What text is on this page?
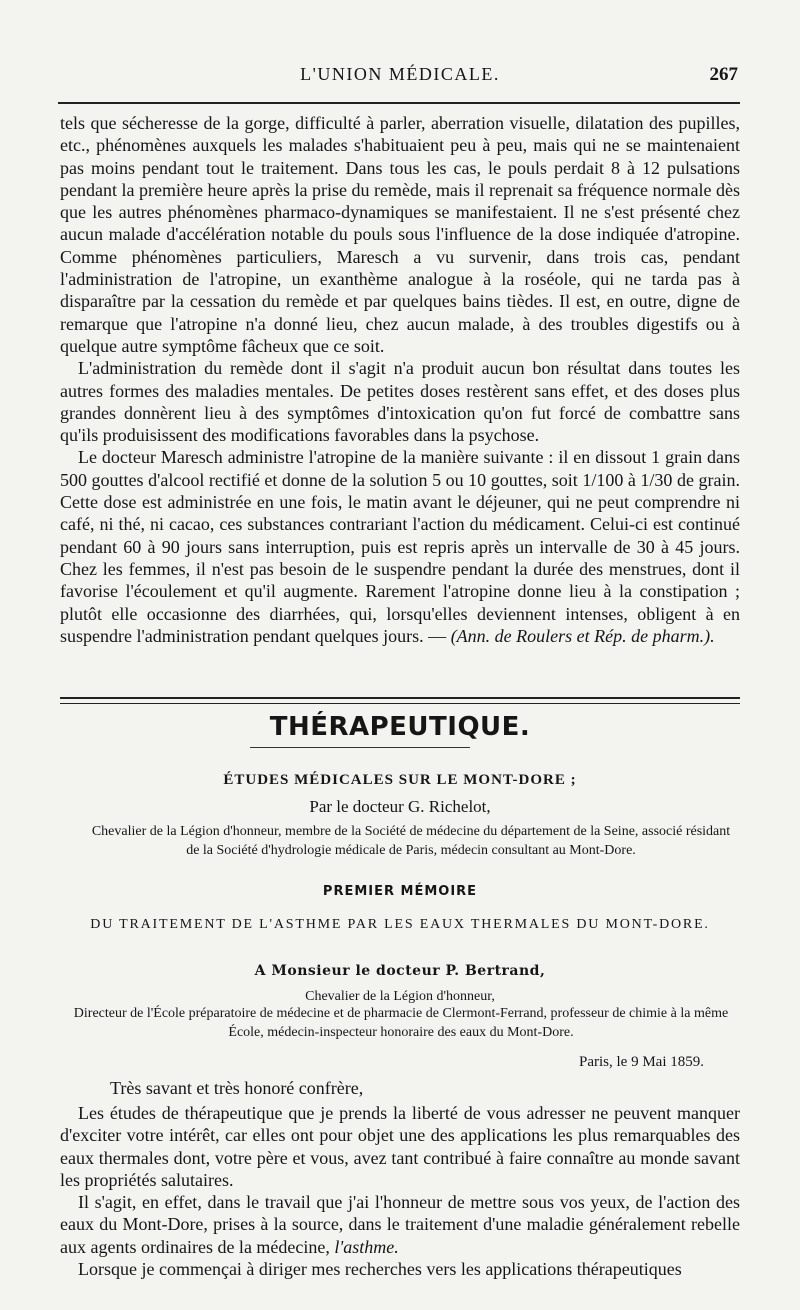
L'UNION MÉDICALE.	267

tels que sécheresse de la gorge, difficulté à parler, aberration visuelle, dilatation des pupilles, etc., phénomènes auxquels les malades s'habituaient peu à peu, mais qui ne se maintenaient pas moins pendant tout le traitement. Dans tous les cas, le pouls perdait 8 à 12 pulsations pendant la première heure après la prise du remède, mais il reprenait sa fréquence normale dès que les autres phénomènes pharmaco-dynamiques se manifestaient. Il ne s'est présenté chez aucun malade d'accélération notable du pouls sous l'influence de la dose indiquée d'atropine. Comme phénomènes particuliers, Maresch a vu survenir, dans trois cas, pendant l'administration de l'atropine, un exanthème analogue à la roséole, qui ne tarda pas à disparaître par la cessation du remède et par quelques bains tièdes. Il est, en outre, digne de remarque que l'atropine n'a donné lieu, chez aucun malade, à des troubles digestifs ou à quelque autre symptôme fâcheux que ce soit.

L'administration du remède dont il s'agit n'a produit aucun bon résultat dans toutes les autres formes des maladies mentales. De petites doses restèrent sans effet, et des doses plus grandes donnèrent lieu à des symptômes d'intoxication qu'on fut forcé de combattre sans qu'ils produisissent des modifications favorables dans la psychose.

Le docteur Maresch administre l'atropine de la manière suivante : il en dissout 1 grain dans 500 gouttes d'alcool rectifié et donne de la solution 5 ou 10 gouttes, soit 1/100 à 1/30 de grain. Cette dose est administrée en une fois, le matin avant le déjeuner, qui ne peut comprendre ni café, ni thé, ni cacao, ces substances contrariant l'action du médicament. Celui-ci est continué pendant 60 à 90 jours sans interruption, puis est repris après un intervalle de 30 à 45 jours. Chez les femmes, il n'est pas besoin de le suspendre pendant la durée des menstrues, dont il favorise l'écoulement et qu'il augmente. Rarement l'atropine donne lieu à la constipation ; plutôt elle occasionne des diarrhées, qui, lorsqu'elles deviennent intenses, obligent à en suspendre l'administration pendant quelques jours. — (Ann. de Roulers et Rép. de pharm.).

THÉRAPEUTIQUE.
ÉTUDES MÉDICALES SUR LE MONT-DORE ;
Par le docteur G. Richelot,
Chevalier de la Légion d'honneur, membre de la Société de médecine du département de la Seine, associé résidant de la Société d'hydrologie médicale de Paris, médecin consultant au Mont-Dore.
PREMIER MÉMOIRE
DU TRAITEMENT DE L'ASTHME PAR LES EAUX THERMALES DU MONT-DORE.
A Monsieur le docteur P. Bertrand,
Chevalier de la Légion d'honneur,
Directeur de l'École préparatoire de médecine et de pharmacie de Clermont-Ferrand, professeur de chimie à la même École, médecin-inspecteur honoraire des eaux du Mont-Dore.
Paris, le 9 Mai 1859.
Très savant et très honoré confrère,

Les études de thérapeutique que je prends la liberté de vous adresser ne peuvent manquer d'exciter votre intérêt, car elles ont pour objet une des applications les plus remarquables des eaux thermales dont, votre père et vous, avez tant contribué à faire connaître au monde savant les propriétés salutaires.

Il s'agit, en effet, dans le travail que j'ai l'honneur de mettre sous vos yeux, de l'action des eaux du Mont-Dore, prises à la source, dans le traitement d'une maladie généralement rebelle aux agents ordinaires de la médecine, l'asthme.

Lorsque je commençai à diriger mes recherches vers les applications thérapeutiques
